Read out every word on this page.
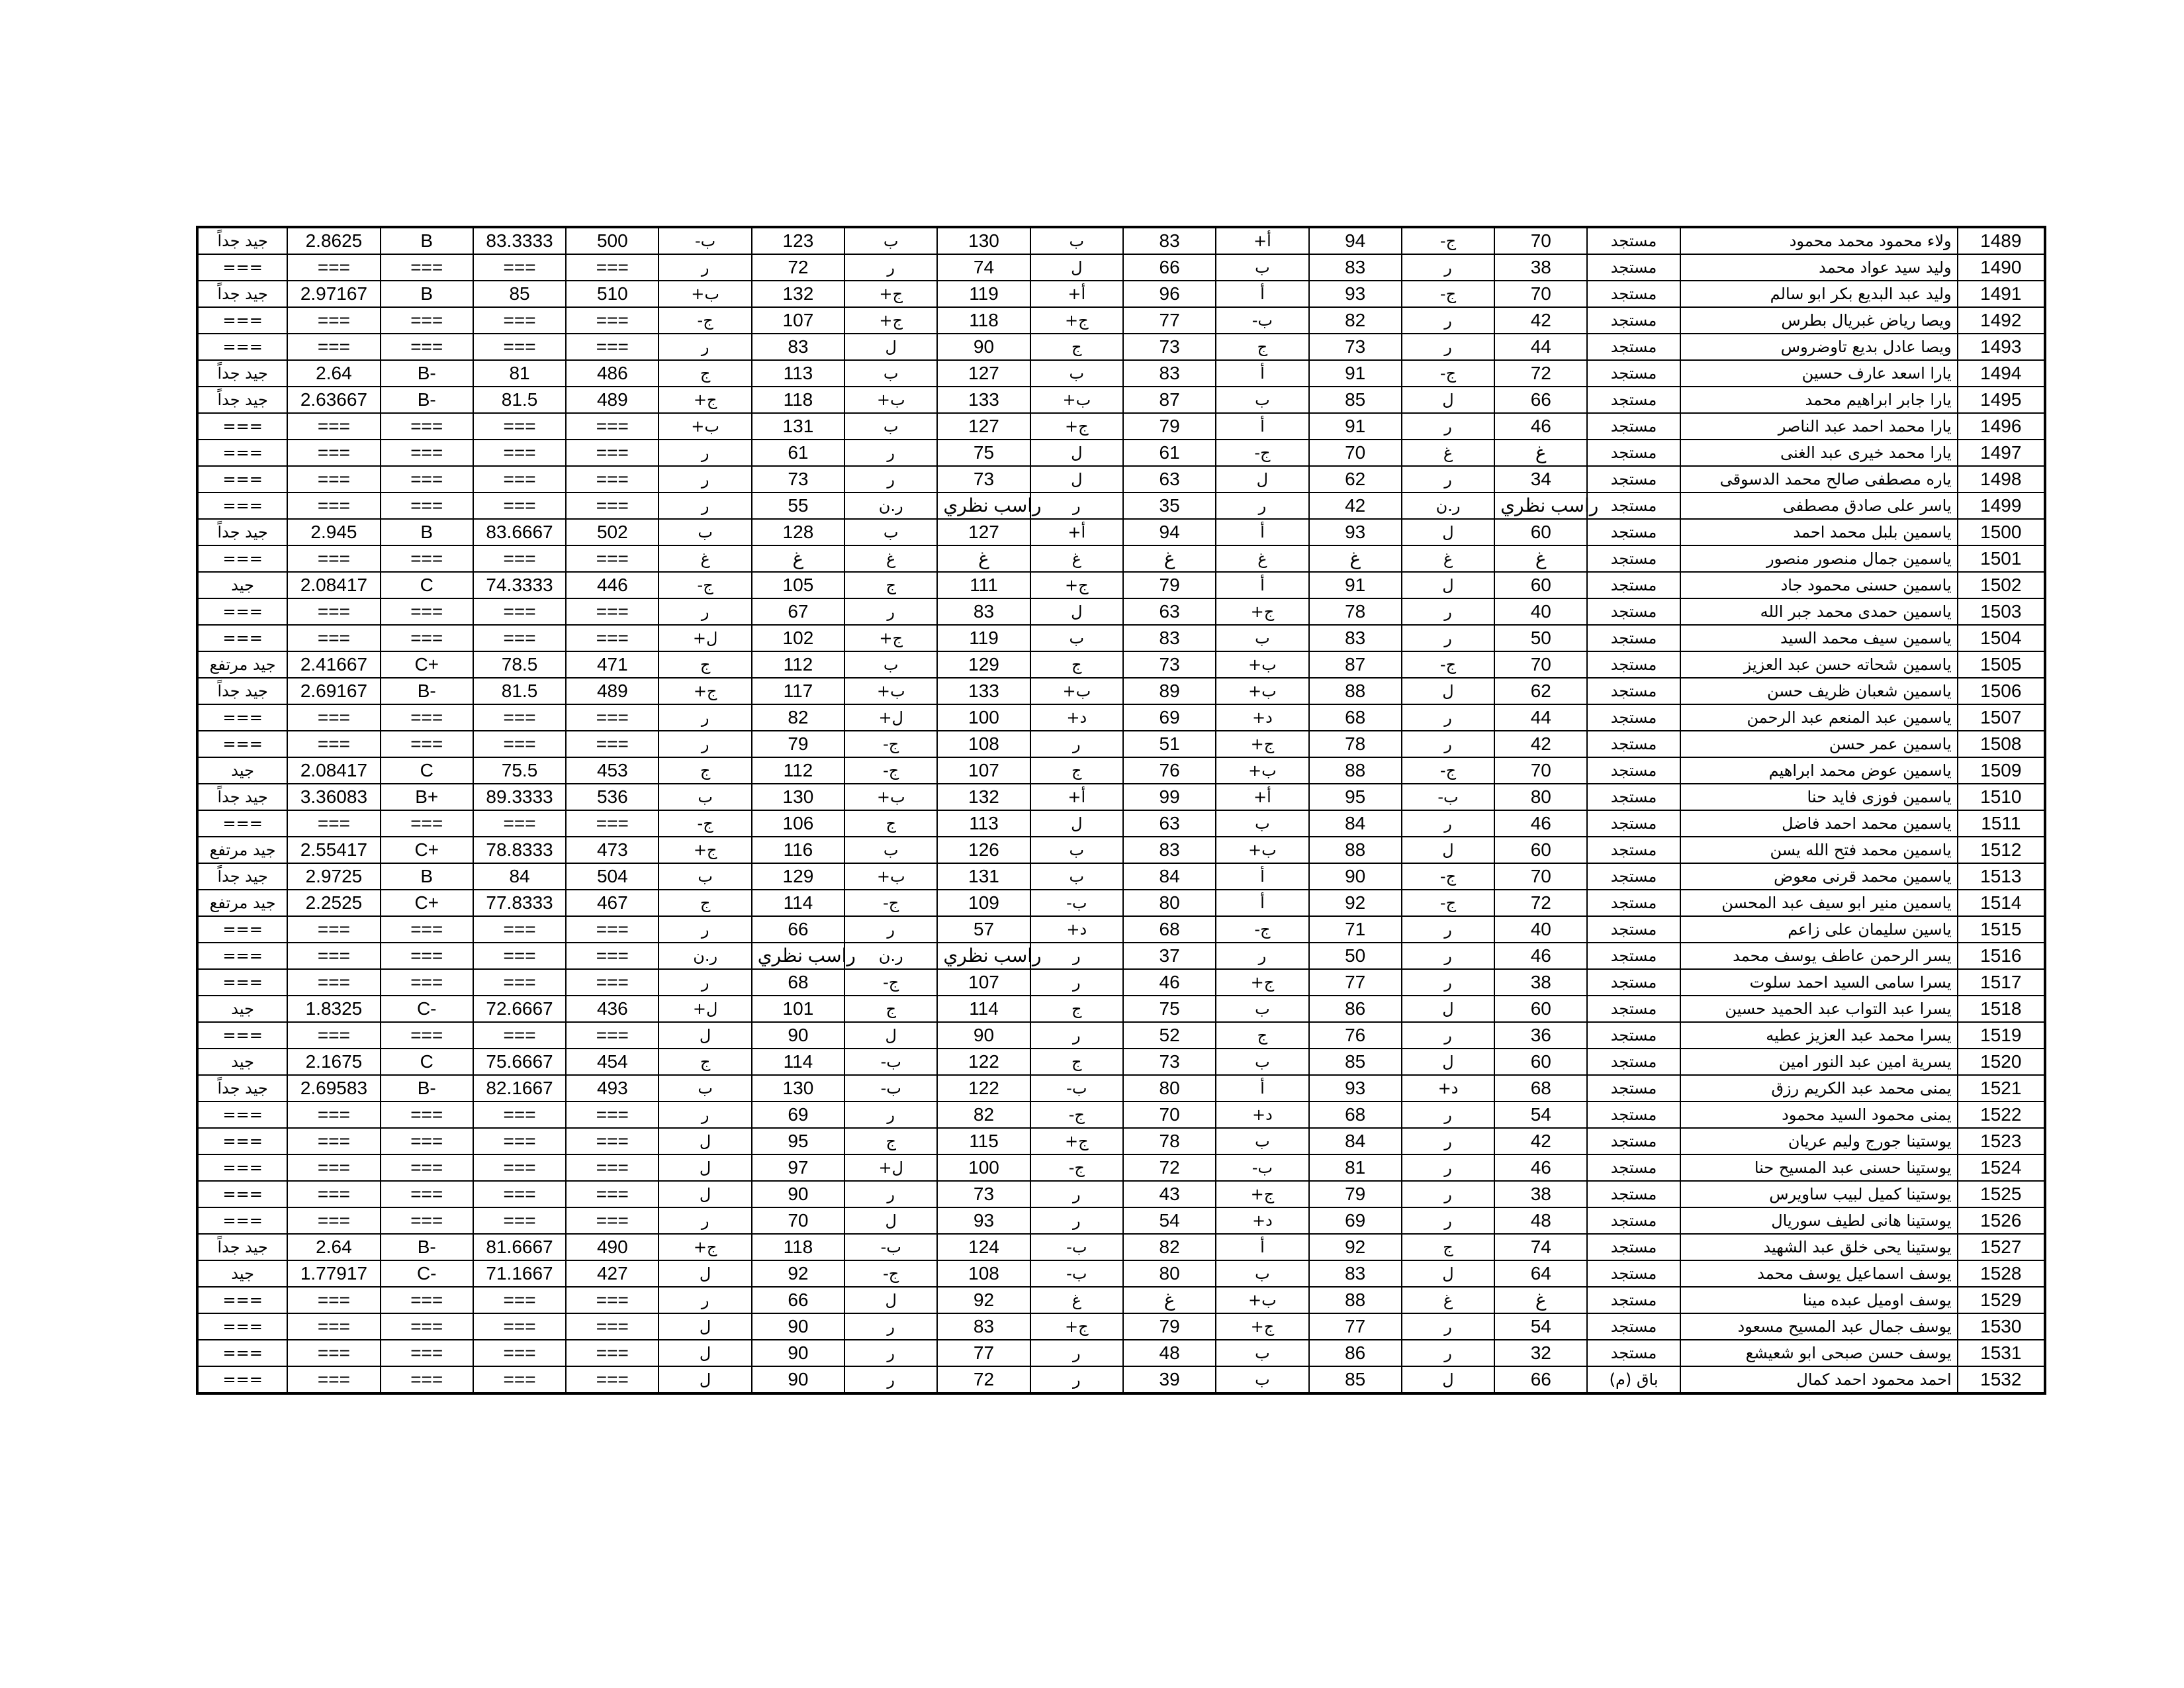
جيد جداً	2.8625	B	83.3333	500	ب-	123	ب	130	ب	83	أ+	94	ج-	70	مستجد	ولاء محمود محمد محمود	1489
===	===	===	===	===	ر	72	ر	74	ل	66	ب	83	ر	38	مستجد	وليد سيد عواد محمد	1490
جيد جداً	2.97167	B	85	510	ب+	132	ج+	119	أ+	96	أ	93	ج-	70	مستجد	وليد عبد البديع بكر ابو سالم	1491
===	===	===	===	===	ج-	107	ج+	118	ج+	77	ب-	82	ر	42	مستجد	ويصا رياض غبريال بطرس	1492
===	===	===	===	===	ر	83	ل	90	ج	73	ج	73	ر	44	مستجد	ويصا عادل بديع تاوضروس	1493
جيد جداً	2.64	B-	81	486	ج	113	ب	127	ب	83	أ	91	ج-	72	مستجد	يارا اسعد عارف حسين	1494
جيد جداً	2.63667	B-	81.5	489	ج+	118	ب+	133	ب+	87	ب	85	ل	66	مستجد	يارا جابر ابراهيم محمد	1495
===	===	===	===	===	ب+	131	ب	127	ج+	79	أ	91	ر	46	مستجد	يارا محمد احمد عبد الناصر	1496
===	===	===	===	===	ر	61	ر	75	ل	61	ج-	70	غ	غ	مستجد	يارا محمد خيرى عبد الغنى	1497
===	===	===	===	===	ر	73	ر	73	ل	63	ل	62	ر	34	مستجد	ياره مصطفى صالح محمد الدسوقى	1498
===	===	===	===	===	ر	55	ر.ن	راسب نظري	ر	35	ر	42	ر.ن	راسب نظري	مستجد	ياسر على صادق مصطفى	1499
جيد جداً	2.945	B	83.6667	502	ب	128	ب	127	أ+	94	أ	93	ل	60	مستجد	ياسمين بلبل محمد احمد	1500
===	===	===	===	===	غ	غ	غ	غ	غ	غ	غ	غ	غ	غ	مستجد	ياسمين جمال منصور منصور	1501
جيد	2.08417	C	74.3333	446	ج-	105	ج	111	ج+	79	أ	91	ل	60	مستجد	ياسمين حسنى محمود جاد	1502
===	===	===	===	===	ر	67	ر	83	ل	63	ج+	78	ر	40	مستجد	ياسمين حمدى محمد جبر الله	1503
===	===	===	===	===	ل+	102	ج+	119	ب	83	ب	83	ر	50	مستجد	ياسمين سيف محمد السيد	1504
جيد مرتفع	2.41667	C+	78.5	471	ج	112	ب	129	ج	73	ب+	87	ج-	70	مستجد	ياسمين شحاته حسن عبد العزيز	1505
جيد جداً	2.69167	B-	81.5	489	ج+	117	ب+	133	ب+	89	ب+	88	ل	62	مستجد	ياسمين شعبان ظريف حسن	1506
===	===	===	===	===	ر	82	ل+	100	د+	69	د+	68	ر	44	مستجد	ياسمين عبد المنعم عبد الرحمن	1507
===	===	===	===	===	ر	79	ج-	108	ر	51	ج+	78	ر	42	مستجد	ياسمين عمر حسن	1508
جيد	2.08417	C	75.5	453	ج	112	ج-	107	ج	76	ب+	88	ج-	70	مستجد	ياسمين عوض محمد ابراهيم	1509
جيد جداً	3.36083	B+	89.3333	536	ب	130	ب+	132	أ+	99	أ+	95	ب-	80	مستجد	ياسمين فوزى فايد حنا	1510
===	===	===	===	===	ج-	106	ج	113	ل	63	ب	84	ر	46	مستجد	ياسمين محمد احمد فاضل	1511
جيد مرتفع	2.55417	C+	78.8333	473	ج+	116	ب	126	ب	83	ب+	88	ل	60	مستجد	ياسمين محمد فتح الله يسن	1512
جيد جداً	2.9725	B	84	504	ب	129	ب+	131	ب	84	أ	90	ج-	70	مستجد	ياسمين محمد قرنى معوض	1513
جيد مرتفع	2.2525	C+	77.8333	467	ج	114	ج-	109	ب-	80	أ	92	ج-	72	مستجد	ياسمين منير ابو سيف عبد المحسن	1514
===	===	===	===	===	ر	66	ر	57	د+	68	ج-	71	ر	40	مستجد	ياسين سليمان على زاعم	1515
===	===	===	===	===	ر.ن	راسب نظري	ر.ن	راسب نظري	ر	37	ر	50	ر	46	مستجد	يسر الرحمن عاطف يوسف محمد	1516
===	===	===	===	===	ر	68	ج-	107	ر	46	ج+	77	ر	38	مستجد	يسرا سامى السيد احمد سلوت	1517
جيد	1.8325	C-	72.6667	436	ل+	101	ج	114	ج	75	ب	86	ل	60	مستجد	يسرا عبد التواب عبد الحميد حسين	1518
===	===	===	===	===	ل	90	ل	90	ر	52	ج	76	ر	36	مستجد	يسرا محمد عبد العزيز عطيه	1519
جيد	2.1675	C	75.6667	454	ج	114	ب-	122	ج	73	ب	85	ل	60	مستجد	يسرية امين عبد النور امين	1520
جيد جداً	2.69583	B-	82.1667	493	ب	130	ب-	122	ب-	80	أ	93	د+	68	مستجد	يمنى محمد عبد الكريم رزق	1521
===	===	===	===	===	ر	69	ر	82	ج-	70	د+	68	ر	54	مستجد	يمنى محمود السيد محمود	1522
===	===	===	===	===	ل	95	ج	115	ج+	78	ب	84	ر	42	مستجد	يوستينا جورج وليم عريان	1523
===	===	===	===	===	ل	97	ل+	100	ج-	72	ب-	81	ر	46	مستجد	يوستينا حسنى عبد المسيح حنا	1524
===	===	===	===	===	ل	90	ر	73	ر	43	ج+	79	ر	38	مستجد	يوستينا كميل لبيب ساويرس	1525
===	===	===	===	===	ر	70	ل	93	ر	54	د+	69	ر	48	مستجد	يوستينا هانى لطيف سوريال	1526
جيد جداً	2.64	B-	81.6667	490	ج+	118	ب-	124	ب-	82	أ	92	ج	74	مستجد	يوستينا يحى خلق عبد الشهيد	1527
جيد	1.77917	C-	71.1667	427	ل	92	ج-	108	ب-	80	ب	83	ل	64	مستجد	يوسف اسماعيل يوسف محمد	1528
===	===	===	===	===	ر	66	ل	92	غ	غ	ب+	88	غ	غ	مستجد	يوسف اوميل عبده مينا	1529
===	===	===	===	===	ل	90	ر	83	ج+	79	ج+	77	ر	54	مستجد	يوسف جمال عبد المسيح مسعود	1530
===	===	===	===	===	ل	90	ر	77	ر	48	ب	86	ر	32	مستجد	يوسف حسن صبحى ابو شعيشع	1531
===	===	===	===	===	ل	90	ر	72	ر	39	ب	85	ل	66	باق (م)	احمد محمود احمد كمال	1532
